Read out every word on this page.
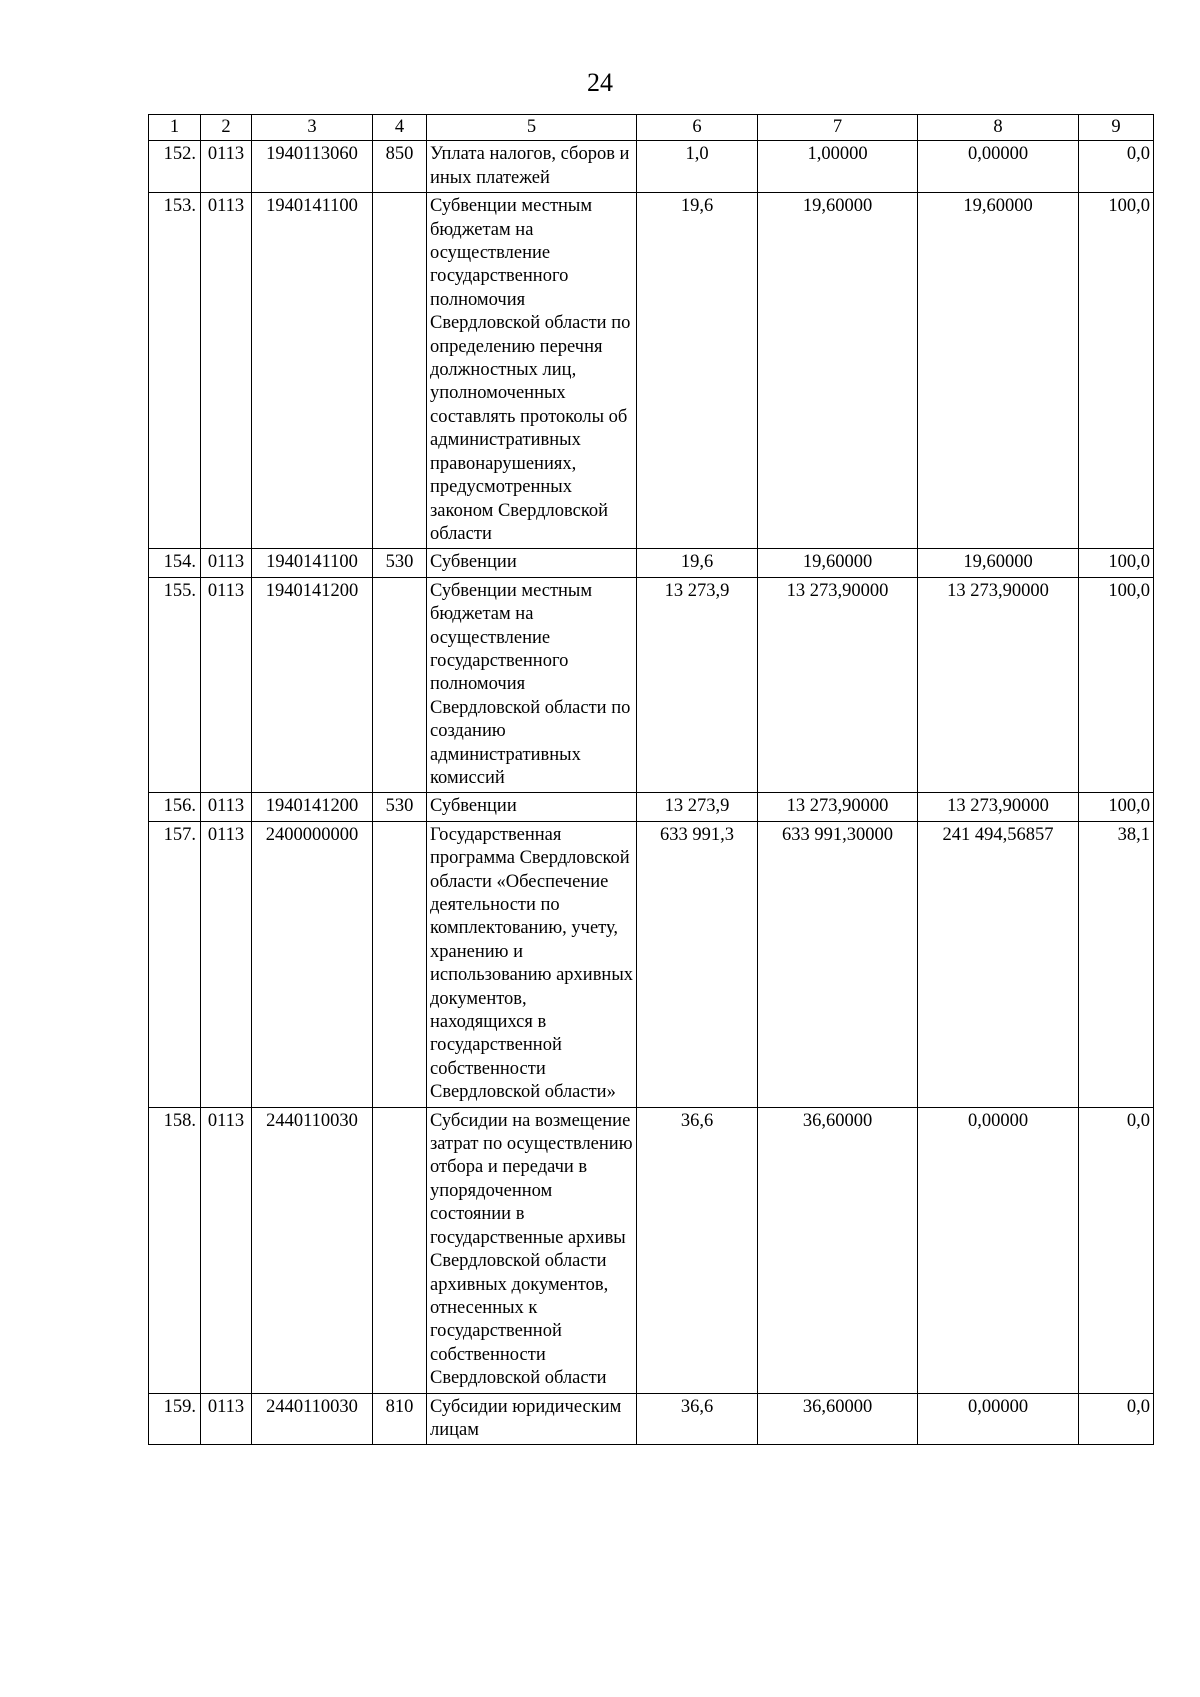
24
1	2	3	4	5	6	7	8	9
152.	0113	1940113060	850	Уплата налогов, сборов и иных платежей	1,0	1,00000	0,00000	0,0
153.	0113	1940141100		Субвенции местным бюджетам на осуществление государственного полномочия Свердловской области по определению перечня должностных лиц, уполномоченных составлять протоколы об административных правонарушениях, предусмотренных законом Свердловской области	19,6	19,60000	19,60000	100,0
154.	0113	1940141100	530	Субвенции	19,6	19,60000	19,60000	100,0
155.	0113	1940141200		Субвенции местным бюджетам на осуществление государственного полномочия Свердловской области по созданию административных комиссий	13 273,9	13 273,90000	13 273,90000	100,0
156.	0113	1940141200	530	Субвенции	13 273,9	13 273,90000	13 273,90000	100,0
157.	0113	2400000000		Государственная программа Свердловской области «Обеспечение деятельности по комплектованию, учету, хранению и использованию архивных документов, находящихся в государственной собственности Свердловской области»	633 991,3	633 991,30000	241 494,56857	38,1
158.	0113	2440110030		Субсидии на возмещение затрат по осуществлению отбора и передачи в упорядоченном состоянии в государственные архивы Свердловской области архивных документов, отнесенных к государственной собственности Свердловской области	36,6	36,60000	0,00000	0,0
159.	0113	2440110030	810	Субсидии юридическим лицам	36,6	36,60000	0,00000	0,0
